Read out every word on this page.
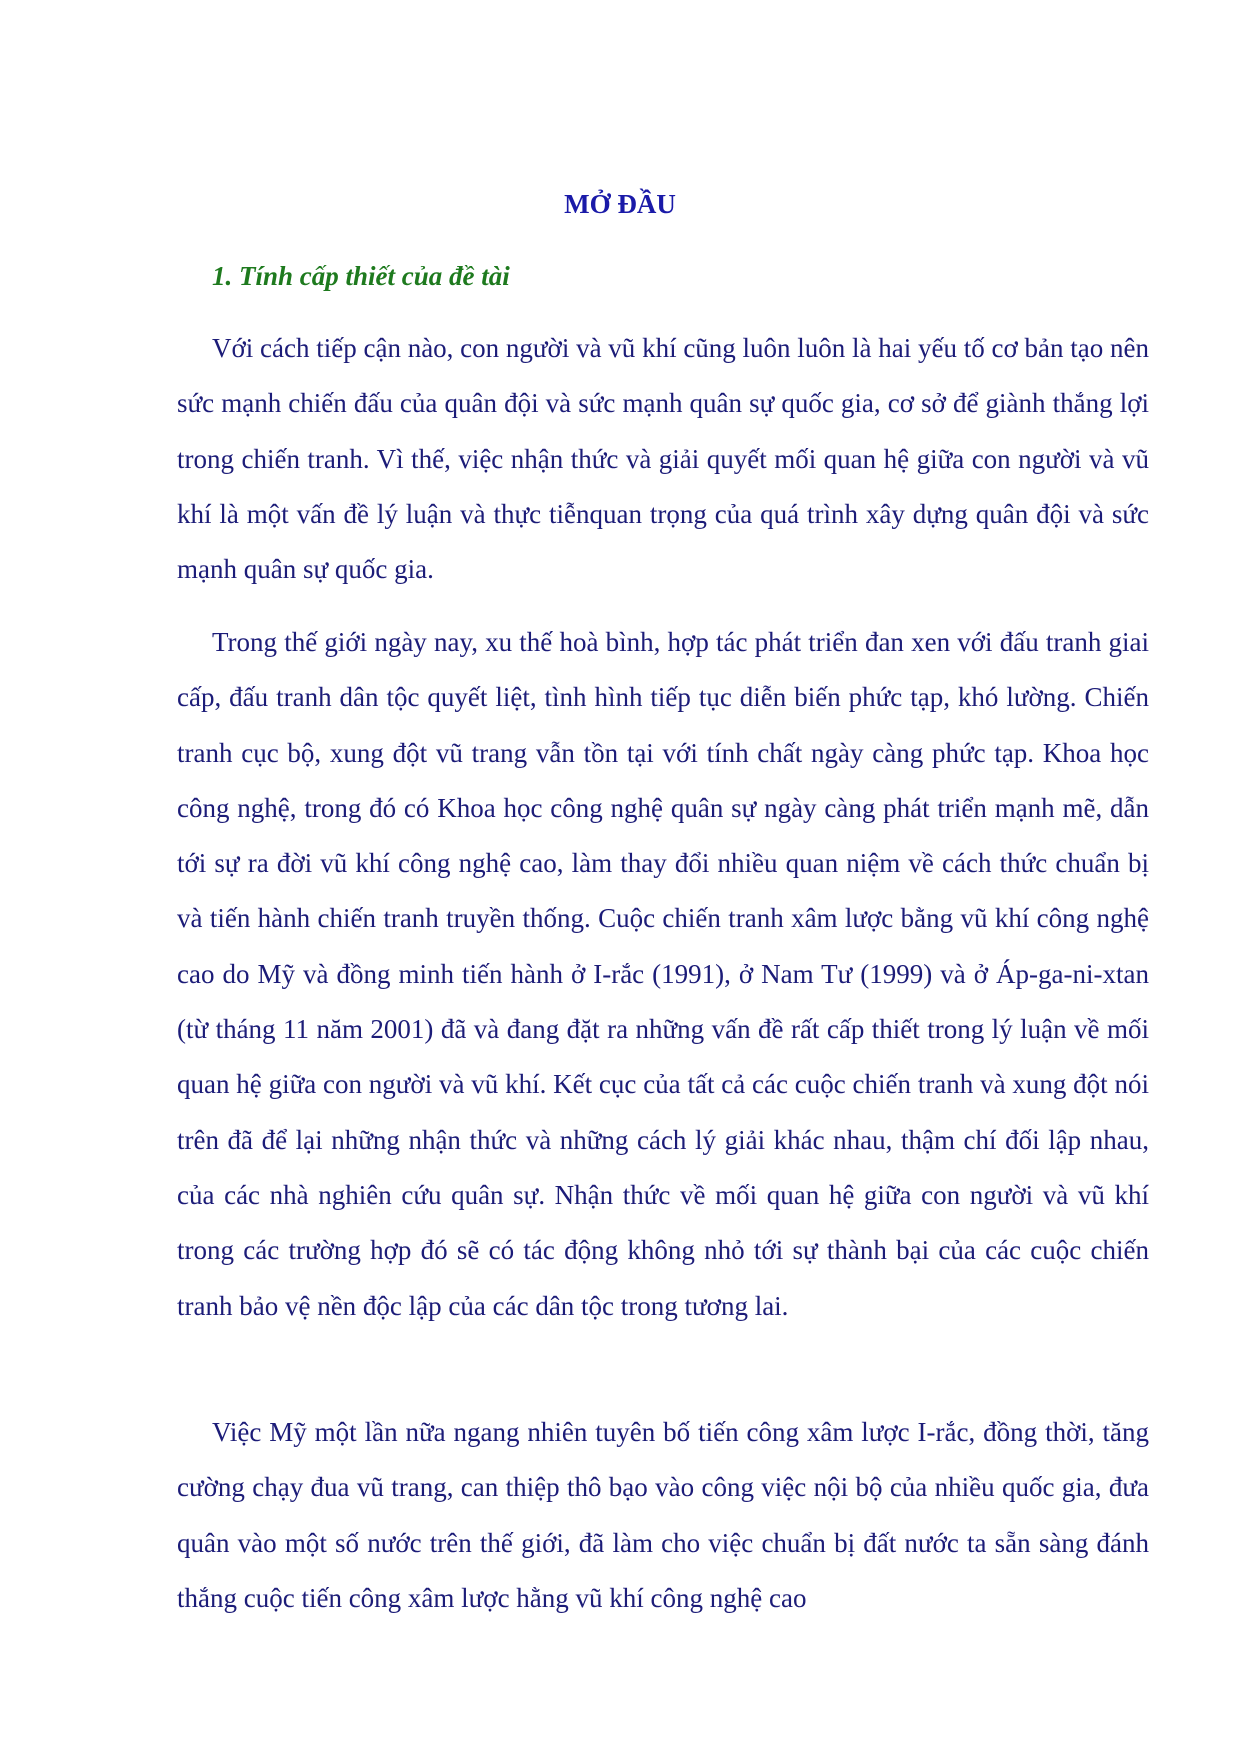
MỞ ĐẦU
1. Tính cấp thiết của đề tài

Với cách tiếp cận nào, con người và vũ khí cũng luôn luôn là hai yếu tố cơ bản tạo nên sức mạnh chiến đấu của quân đội và sức mạnh quân sự quốc gia, cơ sở để giành thắng lợi trong chiến tranh. Vì thế, việc nhận thức và giải quyết mối quan hệ giữa con người và vũ khí là một vấn đề lý luận và thực tiễnquan trọng của quá trình xây dựng quân đội và sức mạnh quân sự quốc gia.

Trong thế giới ngày nay, xu thế hoà bình, hợp tác phát triển đan xen với đấu tranh giai cấp, đấu tranh dân tộc quyết liệt, tình hình tiếp tục diễn biến phức tạp, khó lường. Chiến tranh cục bộ, xung đột vũ trang vẫn tồn tại với tính chất ngày càng phức tạp. Khoa học công nghệ, trong đó có Khoa học công nghệ quân sự ngày càng phát triển mạnh mẽ, dẫn tới sự ra đời vũ khí công nghệ cao, làm thay đổi nhiều quan niệm về cách thức chuẩn bị và tiến hành chiến tranh truyền thống. Cuộc chiến tranh xâm lược bằng vũ khí công nghệ cao do Mỹ và đồng minh tiến hành ở I-rắc (1991), ở Nam Tư (1999) và ở Áp-ga-ni-xtan (từ tháng 11 năm 2001) đã và đang đặt ra những vấn đề rất cấp thiết trong lý luận về mối quan hệ giữa con người và vũ khí. Kết cục của tất cả các cuộc chiến tranh và xung đột nói trên đã để lại những nhận thức và những cách lý giải khác nhau, thậm chí đối lập nhau, của các nhà nghiên cứu quân sự. Nhận thức về mối quan hệ giữa con người và vũ khí trong các trường hợp đó sẽ có tác động không nhỏ tới sự thành bại của các cuộc chiến tranh bảo vệ nền độc lập của các dân tộc trong tương lai.

Việc Mỹ một lần nữa ngang nhiên tuyên bố tiến công xâm lược I-rắc, đồng thời, tăng cường chạy đua vũ trang, can thiệp thô bạo vào công việc nội bộ của nhiều quốc gia, đưa quân vào một số nước trên thế giới, đã làm cho việc chuẩn bị đất nước ta sẵn sàng đánh thắng cuộc tiến công xâm lược hằng vũ khí công nghệ cao
